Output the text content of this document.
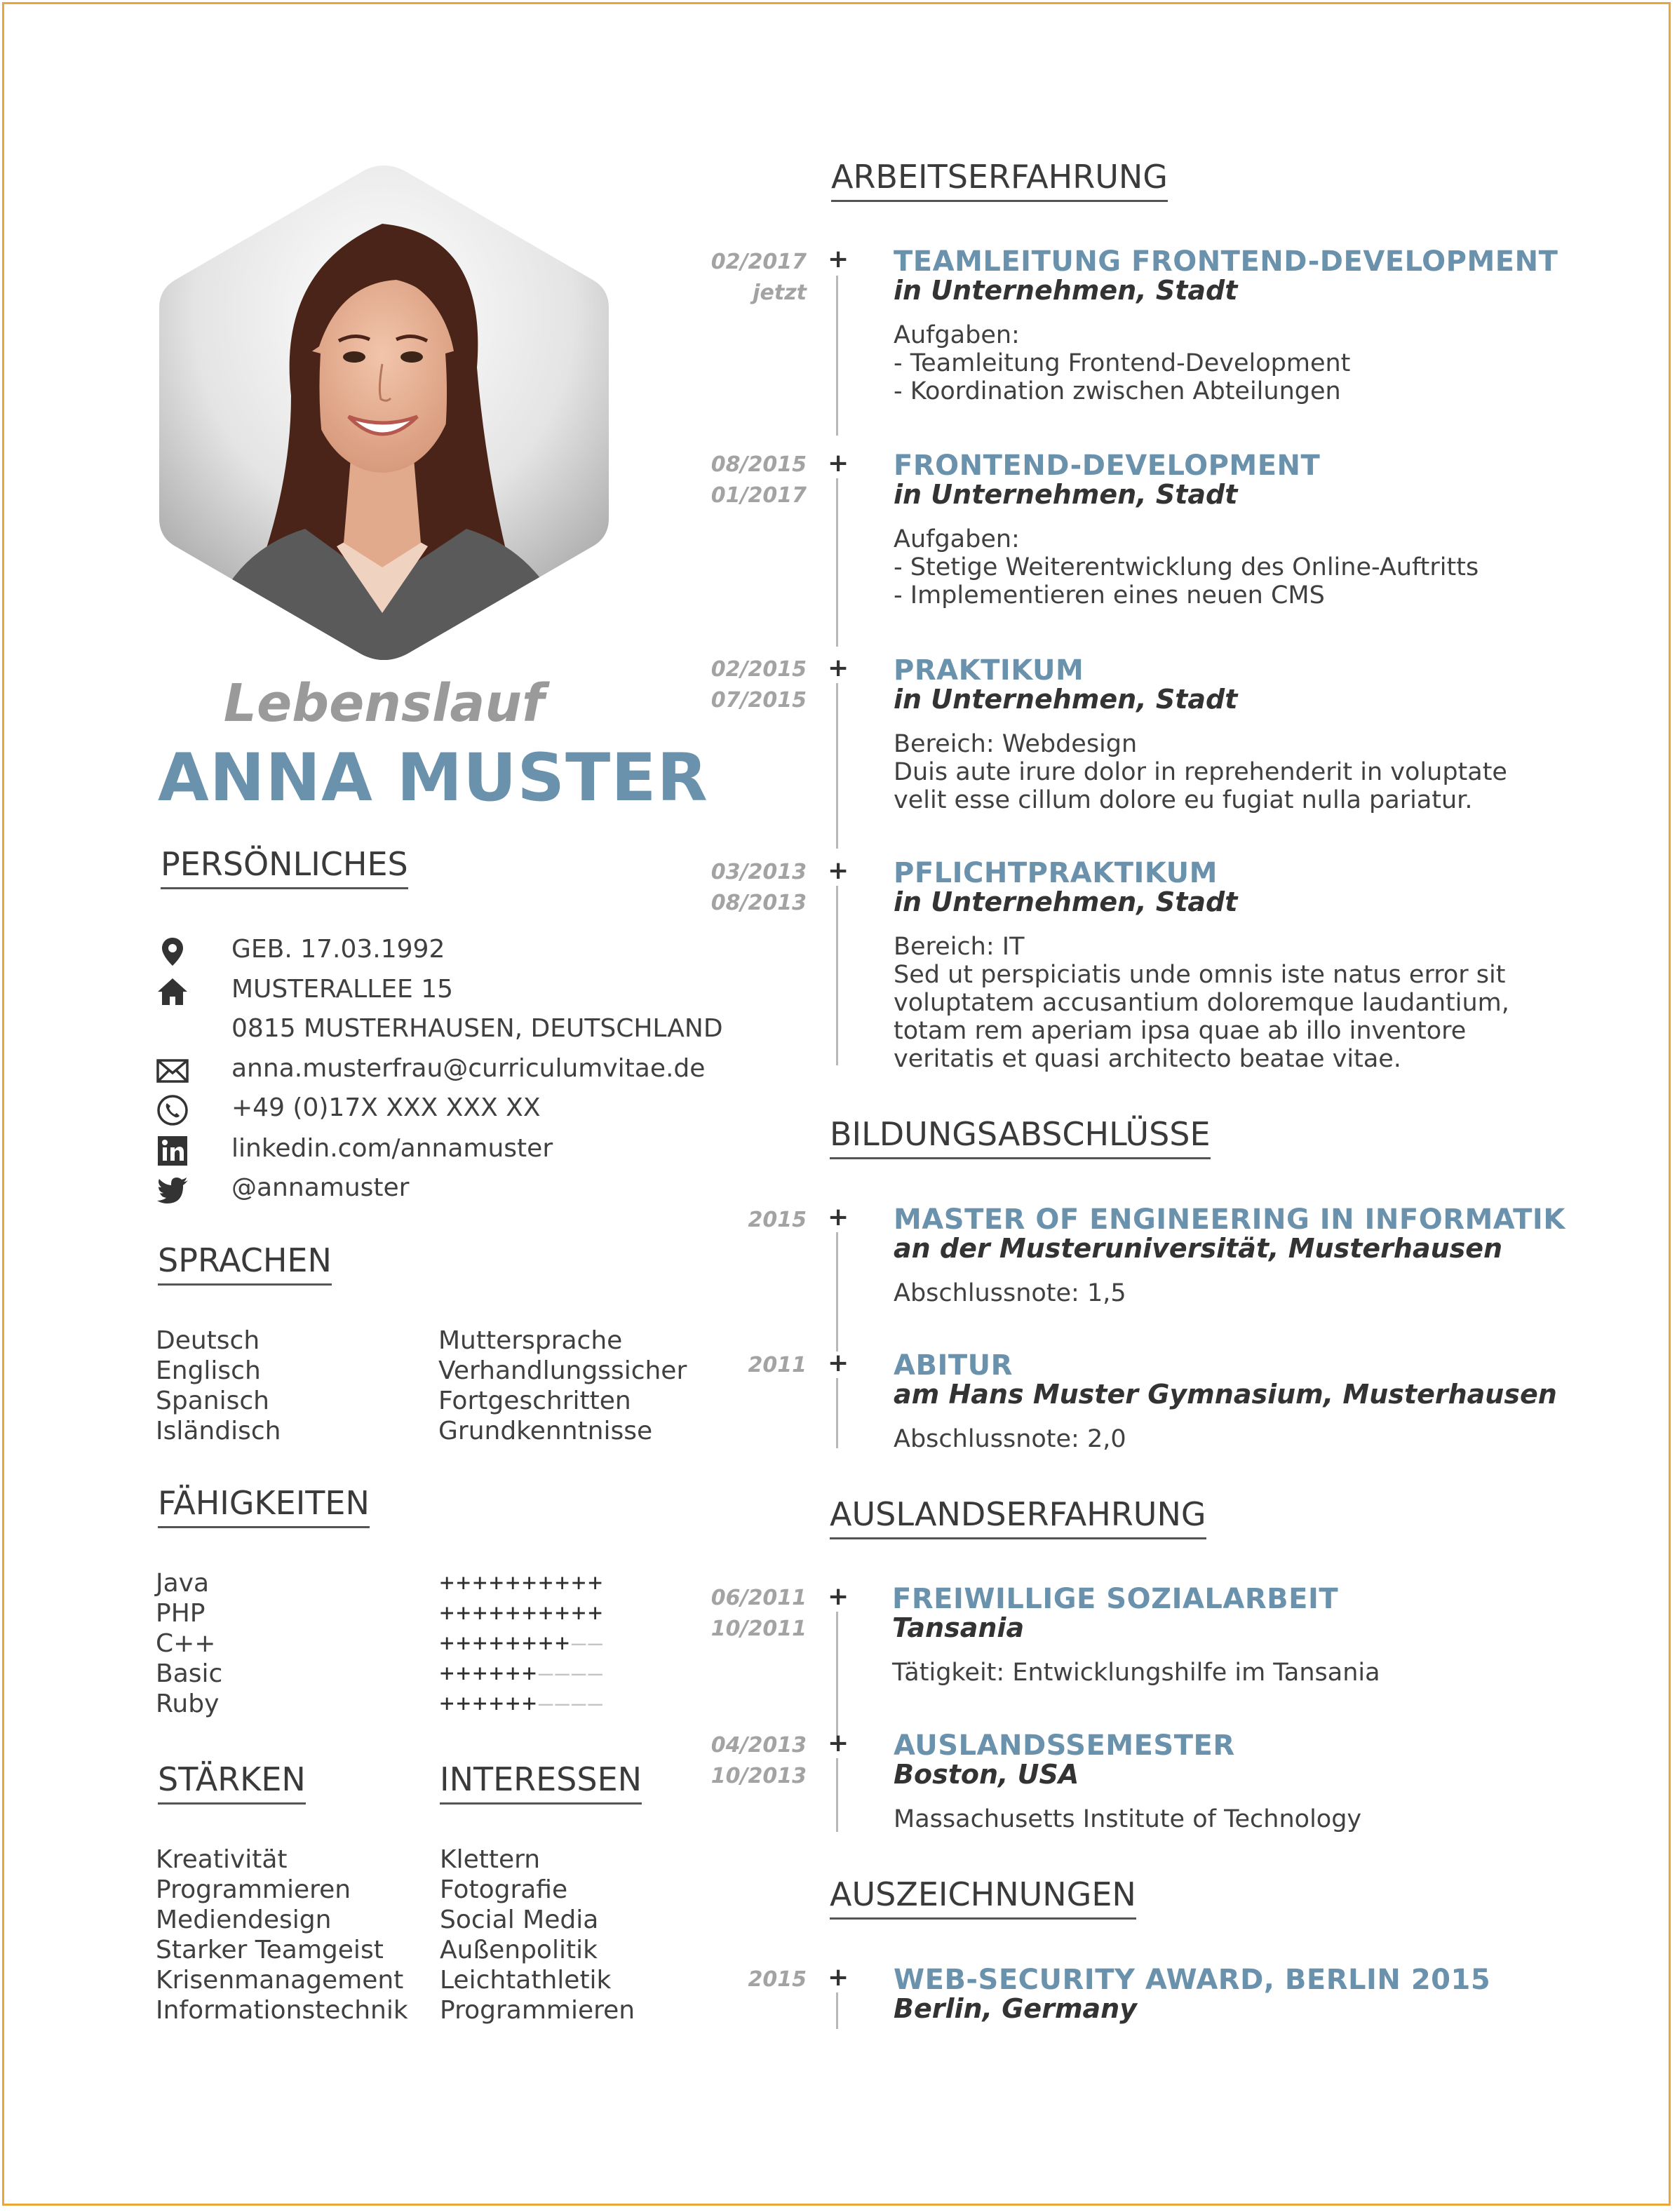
Lebenslauf
ANNA MUSTER
PERSÖNLICHES
GEB. 17.03.1992
MUSTERALLEE 15
0815 MUSTERHAUSEN, DEUTSCHLAND
anna.musterfrau@curriculumvitae.de
+49 (0)17X XXX XXX XX
linkedin.com/annamuster
@annamuster
SPRACHEN
Deutsch
Englisch
Spanisch
Isländisch
Muttersprache
Verhandlungssicher
Fortgeschritten
Grundkenntnisse
FÄHIGKEITEN
Java
PHP
C++
Basic
Ruby
++++++++++
++++++++++
++++++++––
++++++––––
++++++––––
STÄRKEN	INTERESSEN
Kreativität
Programmieren
Mediendesign
Starker Teamgeist
Krisenmanagement
Informationstechnik
Klettern
Fotografie
Social Media
Außenpolitik
Leichtathletik
Programmieren
ARBEITSERFAHRUNG
02/2017
jetzt
+ TEAMLEITUNG FRONTEND-DEVELOPMENT
in Unternehmen, Stadt
Aufgaben:
- Teamleitung Frontend-Development
- Koordination zwischen Abteilungen
08/2015
01/2017
+ FRONTEND-DEVELOPMENT
in Unternehmen, Stadt
Aufgaben:
- Stetige Weiterentwicklung des Online-Auftritts
- Implementieren eines neuen CMS
02/2015
07/2015
+ PRAKTIKUM
in Unternehmen, Stadt
Bereich: Webdesign
Duis aute irure dolor in reprehenderit in voluptate
velit esse cillum dolore eu fugiat nulla pariatur.
03/2013
08/2013
+ PFLICHTPRAKTIKUM
in Unternehmen, Stadt
Bereich: IT
Sed ut perspiciatis unde omnis iste natus error sit
voluptatem accusantium doloremque laudantium,
totam rem aperiam ipsa quae ab illo inventore
veritatis et quasi architecto beatae vitae.
BILDUNGSABSCHLÜSSE
2015 + MASTER OF ENGINEERING IN INFORMATIK
an der Musteruniversität, Musterhausen
Abschlussnote: 1,5
2011 + ABITUR
am Hans Muster Gymnasium, Musterhausen
Abschlussnote: 2,0
AUSLANDSERFAHRUNG
06/2011
10/2011
+ FREIWILLIGE SOZIALARBEIT
Tansania
Tätigkeit: Entwicklungshilfe im Tansania
04/2013
10/2013
+ AUSLANDSSEMESTER
Boston, USA
Massachusetts Institute of Technology
AUSZEICHNUNGEN
2015 + WEB-SECURITY AWARD, BERLIN 2015
Berlin, Germany
